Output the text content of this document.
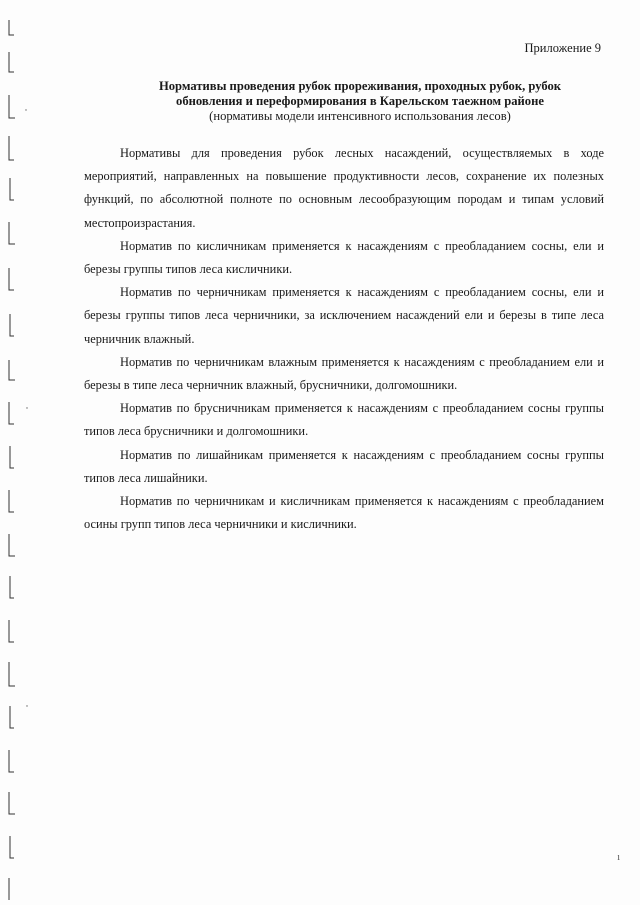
Приложение 9
Нормативы проведения рубок прореживания, проходных рубок, рубок
обновления и переформирования в Карельском таежном районе
(нормативы модели интенсивного использования лесов)

Нормативы для проведения рубок лесных насаждений, осуществляемых в ходе мероприятий, направленных на повышение продуктивности лесов, сохранение их полезных функций, по абсолютной полноте по основным лесообразующим породам и типам условий местопроизрастания.

Норматив по кисличникам применяется к насаждениям с преобладанием сосны, ели и березы группы типов леса кисличники.

Норматив по черничникам применяется к насаждениям с преобладанием сосны, ели и березы группы типов леса черничники, за исключением насаждений ели и березы в типе леса черничник влажный.

Норматив по черничникам влажным применяется к насаждениям с преобладанием ели и березы в типе леса черничник влажный, брусничники, долгомошники.

Норматив по брусничникам применяется к насаждениям с преобладанием сосны группы типов леса брусничники и долгомошники.

Норматив по лишайникам применяется к насаждениям с преобладанием сосны группы типов леса лишайники.

Норматив по черничникам и кисличникам применяется к насаждениям с преобладанием осины групп типов леса черничники и кисличники.

ı
